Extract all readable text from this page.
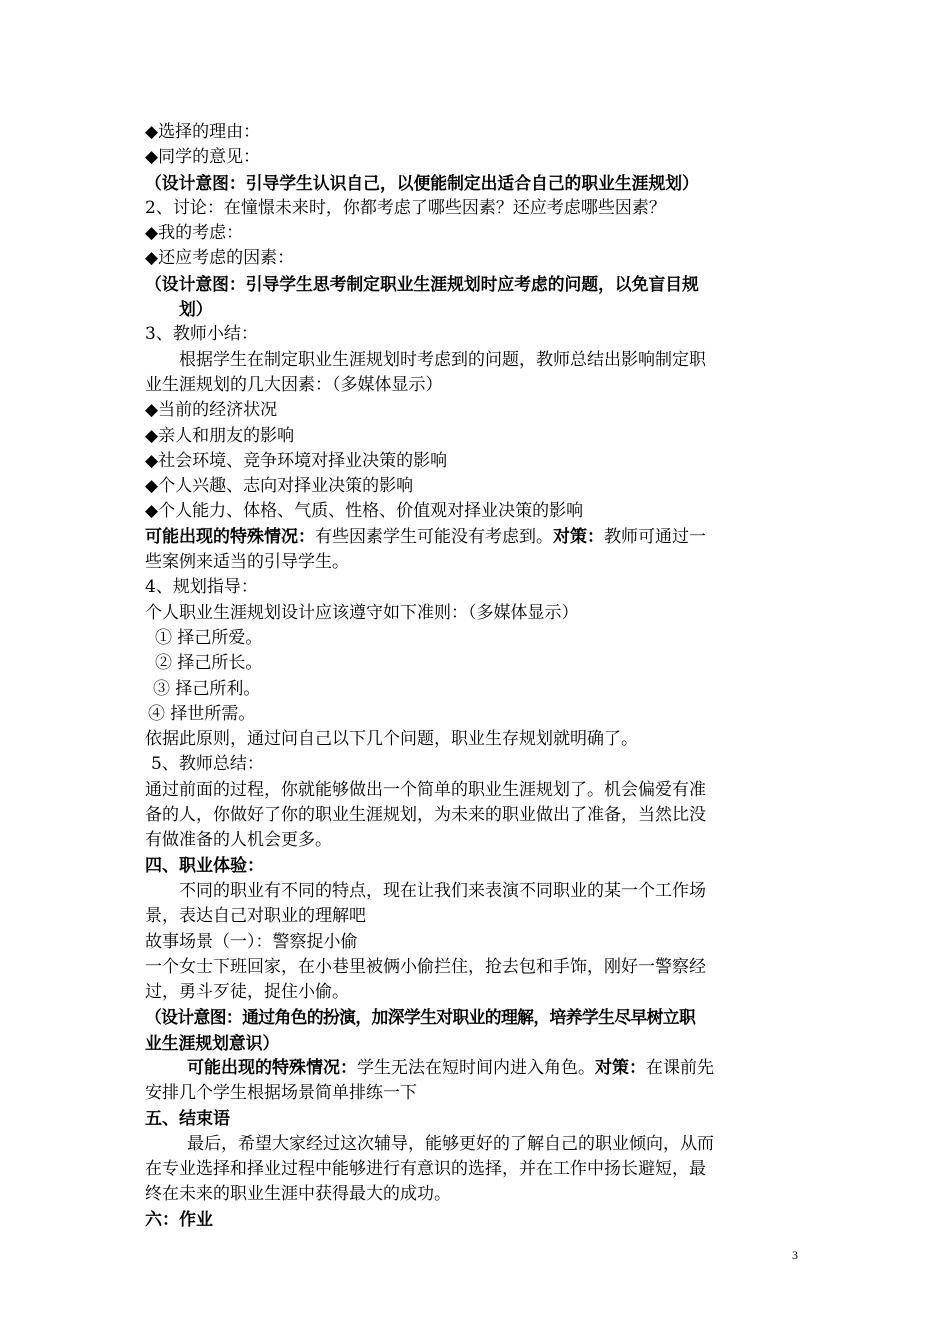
◆选择的理由：
◆同学的意见：
（设计意图：引导学生认识自己，以便能制定出适合自己的职业生涯规划）
2、讨论：在憧憬未来时，你都考虑了哪些因素？还应考虑哪些因素？
◆我的考虑：
◆还应考虑的因素：
（设计意图：引导学生思考制定职业生涯规划时应考虑的问题，以免盲目规
划）
3、教师小结：
根据学生在制定职业生涯规划时考虑到的问题，教师总结出影响制定职
业生涯规划的几大因素：（多媒体显示）
◆当前的经济状况
◆亲人和朋友的影响
◆社会环境、竞争环境对择业决策的影响
◆个人兴趣、志向对择业决策的影响
◆个人能力、体格、气质、性格、价值观对择业决策的影响
可能出现的特殊情况：有些因素学生可能没有考虑到。对策：教师可通过一
些案例来适当的引导学生。
4、规划指导：
个人职业生涯规划设计应该遵守如下准则：（多媒体显示）
① 择己所爱。
② 择己所长。
③ 择己所利。
④ 择世所需。
依据此原则，通过问自己以下几个问题，职业生存规划就明确了。
5、教师总结：
通过前面的过程，你就能够做出一个简单的职业生涯规划了。机会偏爱有准
备的人，你做好了你的职业生涯规划，为未来的职业做出了准备，当然比没
有做准备的人机会更多。
四、职业体验：
不同的职业有不同的特点，现在让我们来表演不同职业的某一个工作场
景，表达自己对职业的理解吧
故事场景（一）：警察捉小偷
一个女士下班回家，在小巷里被俩小偷拦住，抢去包和手饰，刚好一警察经
过，勇斗歹徒，捉住小偷。
（设计意图：通过角色的扮演，加深学生对职业的理解，培养学生尽早树立职
业生涯规划意识）
可能出现的特殊情况：学生无法在短时间内进入角色。对策：在课前先
安排几个学生根据场景简单排练一下
五、结束语
最后，希望大家经过这次辅导，能够更好的了解自己的职业倾向，从而
在专业选择和择业过程中能够进行有意识的选择，并在工作中扬长避短，最
终在未来的职业生涯中获得最大的成功。
六：作业
3
